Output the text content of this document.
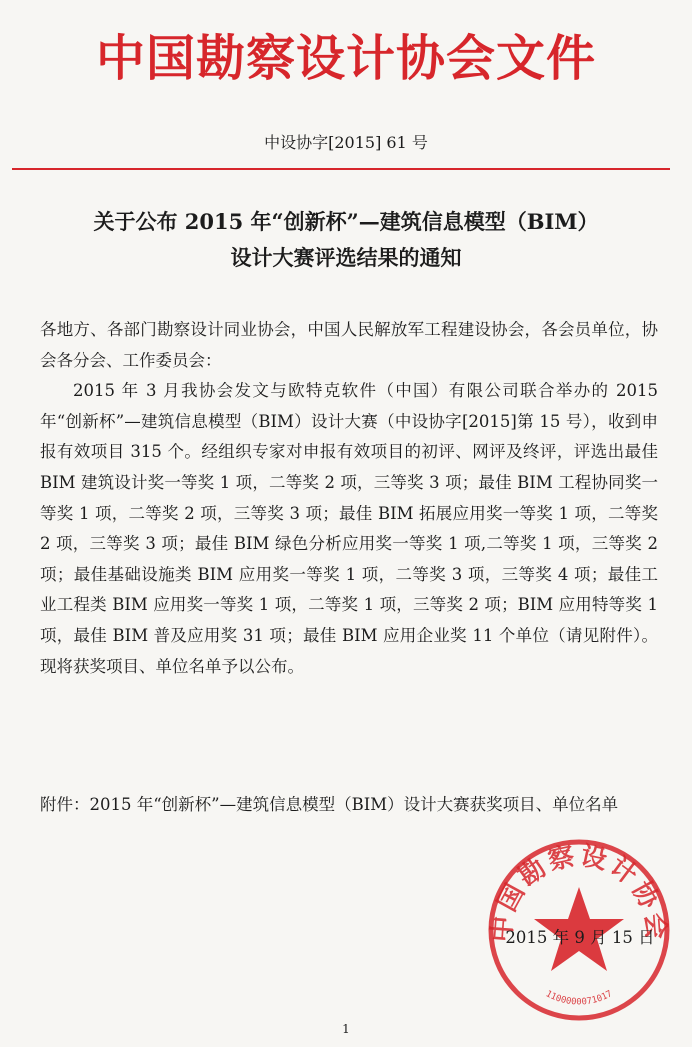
中国勘察设计协会文件
中设协字[2015] 61 号
关于公布 2015 年“创新杯”—建筑信息模型（BIM）
设计大赛评选结果的通知

各地方、各部门勘察设计同业协会，中国人民解放军工程建设协会，各会员单位，协会各分会、工作委员会：

2015 年 3 月我协会发文与欧特克软件（中国）有限公司联合举办的 2015 年“创新杯”—建筑信息模型（BIM）设计大赛（中设协字[2015]第 15 号），收到申报有效项目 315 个。经组织专家对申报有效项目的初评、网评及终评，评选出最佳 BIM 建筑设计奖一等奖 1 项，二等奖 2 项，三等奖 3 项；最佳 BIM 工程协同奖一等奖 1 项，二等奖 2 项，三等奖 3 项；最佳 BIM 拓展应用奖一等奖 1 项，二等奖 2 项，三等奖 3 项；最佳 BIM 绿色分析应用奖一等奖 1 项,二等奖 1 项，三等奖 2 项；最佳基础设施类 BIM 应用奖一等奖 1 项，二等奖 3 项，三等奖 4 项；最佳工业工程类 BIM 应用奖一等奖 1 项，二等奖 1 项，三等奖 2 项；BIM 应用特等奖 1 项，最佳 BIM 普及应用奖 31 项；最佳 BIM 应用企业奖 11 个单位（请见附件）。现将获奖项目、单位名单予以公布。

附件： 2015 年“创新杯”—建筑信息模型（BIM）设计大赛获奖项目、单位名单
中国勘察设计协会
1100000071017
2015 年 9 月 15 日
1
